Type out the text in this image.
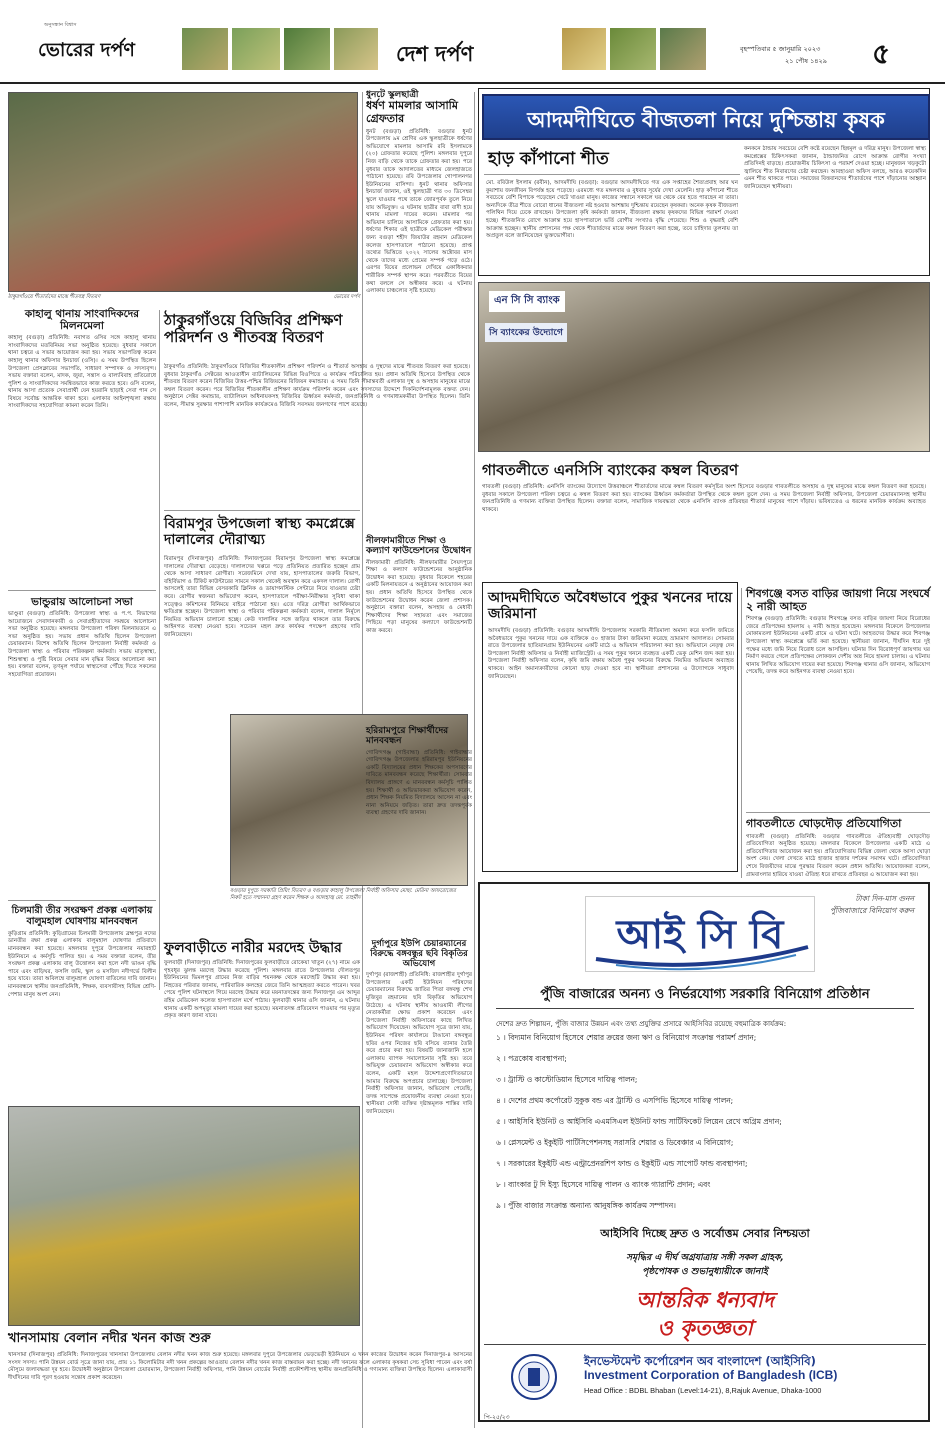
অনুসন্ধান বিশ্বাস
ভোরের দর্পণ	দেশ দর্পণ	বৃহস্পতিবার ৫ জানুয়ারি ২০২৩
২১ পৌষ ১৪২৯ ৫
ঠাকুরগাঁওয়ে শীতার্তদের মাঝে শীতবস্ত্র বিতরণ	ভোরের দর্পণ
ধুনটে স্কুলছাত্রী
ধর্ষণ মামলার আসামি গ্রেফতার
ধুনট (বগুড়া) প্রতিনিধি: বগুড়ার ধুনট উপজেলায় ৯ম শ্রেণির এক স্কুলছাত্রীকে ধর্ষণের অভিযোগে মামলার আসামি রবি ইসলামকে (২০) গ্রেফতার করেছে পুলিশ। মঙ্গলবার দুপুরে নিজ বাড়ি থেকে তাকে গ্রেফতার করা হয়। পরে বুধবার তাকে আদালতের মাধ্যমে জেলহাজতে পাঠানো হয়েছে। রবি উপজেলার গোপালনগর ইউনিয়নের বাসিন্দা। ধুনট থানার অফিসার ইনচার্জ জানান, ওই স্কুলছাত্রী গত ৩০ ডিসেম্বর স্কুলে যাওয়ার পথে তাকে জোরপূর্বক তুলে নিয়ে যায় অভিযুক্ত। এ ঘটনায় ছাত্রীর বাবা বাদী হয়ে থানায় মামলা দায়ের করেন। মামলার পর অভিযান চালিয়ে আসামিকে গ্রেফতার করা হয়। ধর্ষণের শিকার ওই ছাত্রীকে মেডিকেল পরীক্ষার জন্য বগুড়া শহীদ জিয়াউর রহমান মেডিকেল কলেজ হাসপাতালে পাঠানো হয়েছে। প্রাপ্ত তথ্যের ভিত্তিতে ২০২২ সালের অক্টোবর মাস থেকে তাদের মধ্যে প্রেমের সম্পর্ক গড়ে ওঠে। এরপর বিয়ের প্রলোভন দেখিয়ে একাধিকবার শারীরিক সম্পর্ক স্থাপন করে। পরবর্তীতে বিয়ের কথা বললে সে অস্বীকার করে। এ ঘটনায় এলাকায় চাঞ্চল্যের সৃষ্টি হয়েছে।
কাহালু থানায় সাংবাদিকদের মিলনমেলা
কাহালু (বগুড়া) প্রতিনিধি: নবাগত ওসির সঙ্গে কাহালু থানায় সাংবাদিকদের মতবিনিময় সভা অনুষ্ঠিত হয়েছে। বুধবার সকালে থানা চত্বরে এ সভার আয়োজন করা হয়। সভায় সভাপতিত্ব করেন কাহালু থানার অফিসার ইনচার্জ (ওসি)। এ সময় উপস্থিত ছিলেন উপজেলা প্রেসক্লাবের সভাপতি, সাধারণ সম্পাদক ও সদস্যবৃন্দ। সভায় বক্তারা বলেন, মাদক, জুয়া, সন্ত্রাস ও বাল্যবিবাহ প্রতিরোধে পুলিশ ও সাংবাদিকদের সমন্বিতভাবে কাজ করতে হবে। ওসি বলেন, থানায় আসা প্রত্যেক সেবাপ্রার্থী যেন হয়রানি ছাড়াই সেবা পান সে বিষয়ে সর্বোচ্চ আন্তরিক থাকা হবে। এলাকার আইনশৃঙ্খলা রক্ষায় সাংবাদিকদের সহযোগিতা কামনা করেন তিনি।
ভান্ডুরায় আলোচনা সভা
ভাণ্ডুরা (বগুড়া) প্রতিনিধি: উপজেলা স্বাস্থ্য ও প.প. বিভাগের আয়োজনে সেবাদানকারী ও সেবাগ্রহীতাদের সমন্বয়ে আলোচনা সভা অনুষ্ঠিত হয়েছে। মঙ্গলবার উপজেলা পরিষদ মিলনায়তনে এ সভা অনুষ্ঠিত হয়। সভায় প্রধান অতিথি ছিলেন উপজেলা চেয়ারম্যান। বিশেষ অতিথি ছিলেন উপজেলা নির্বাহী কর্মকর্তা ও উপজেলা স্বাস্থ্য ও পরিবার পরিকল্পনা কর্মকর্তা। সভায় মাতৃস্বাস্থ্য, শিশুস্বাস্থ্য ও পুষ্টি বিষয়ে সেবার মান বৃদ্ধির বিষয়ে আলোচনা করা হয়। বক্তারা বলেন, তৃণমূল পর্যায়ে স্বাস্থ্যসেবা পৌঁছে দিতে সকলের সহযোগিতা প্রয়োজন।
চিলমারী তীর সংরক্ষণ প্রকল্প এলাকায় বালুমহাল ঘোষণায় মানববন্ধন
কুড়িগ্রাম প্রতিনিধি: কুড়িগ্রামের চিলমারী উপজেলায় ব্রহ্মপুত্র নদের ডানতীর রক্ষা প্রকল্প এলাকায় বালুমহাল ঘোষণার প্রতিবাদে মানববন্ধন করা হয়েছে। মঙ্গলবার দুপুরে উপজেলার নয়ারহাট ইউনিয়নে এ কর্মসূচি পালিত হয়। এ সময় বক্তারা বলেন, তীর সংরক্ষণ প্রকল্প এলাকায় বালু উত্তোলন করা হলে নদী ভাঙন বৃদ্ধি পাবে এবং বাড়িঘর, ফসলি জমি, স্কুল ও মসজিদ নদীগর্ভে বিলীন হয়ে যাবে। তারা অবিলম্বে বালুমহাল ঘোষণা বাতিলের দাবি জানান। মানববন্ধনে স্থানীয় জনপ্রতিনিধি, শিক্ষক, ব্যবসায়ীসহ বিভিন্ন শ্রেণি-পেশার মানুষ অংশ নেন।
ঠাকুরগাঁওয়ে বিজিবির প্রশিক্ষণ পরিদর্শন ও শীতবস্ত্র বিতরণ
ঠাকুরগাঁও প্রতিনিধি: ঠাকুরগাঁওয়ে বিজিবির শীতকালীন প্রশিক্ষণ পরিদর্শন ও শীতার্ত অসহায় ও দুস্থদের মাঝে শীতবস্ত্র বিতরণ করা হয়েছে। বুধবার ঠাকুরগাঁও সেক্টরের আওতাধীন ব্যাটালিয়নের বিভিন্ন বিওপিতে এ কার্যক্রম পরিচালিত হয়। প্রধান অতিথি হিসেবে উপস্থিত থেকে শীতবস্ত্র বিতরণ করেন বিজিবির উত্তর-পশ্চিম রিজিয়নের রিজিয়ন কমান্ডার। এ সময় তিনি সীমান্তবর্তী এলাকার দুস্থ ও অসহায় মানুষের মাঝে কম্বল বিতরণ করেন। পরে বিজিবির শীতকালীন প্রশিক্ষণ কার্যক্রম পরিদর্শন করেন এবং সদস্যদের উদ্দেশে দিকনির্দেশনামূলক বক্তব্য দেন। অনুষ্ঠানে সেক্টর কমান্ডার, ব্যাটালিয়ন অধিনায়কসহ বিজিবির ঊর্ধ্বতন কর্মকর্তা, জনপ্রতিনিধি ও গণমাধ্যমকর্মীরা উপস্থিত ছিলেন। তিনি বলেন, সীমান্ত সুরক্ষার পাশাপাশি মানবিক কার্যক্রমেও বিজিবি সবসময় জনগণের পাশে রয়েছে।
বিরামপুর উপজেলা স্বাস্থ্য কমপ্লেক্সে দালালের দৌরাত্ম্য
বিরামপুর (দিনাজপুর) প্রতিনিধি: দিনাজপুরের বিরামপুর উপজেলা স্বাস্থ্য কমপ্লেক্সে দালালের দৌরাত্ম্য বেড়েছে। দালালদের খপ্পরে পড়ে প্রতিনিয়ত প্রতারিত হচ্ছেন গ্রাম থেকে আসা সাধারণ রোগীরা। সরেজমিনে দেখা যায়, হাসপাতালের জরুরি বিভাগ, বহির্বিভাগ ও টিকিট কাউন্টারের সামনে সকাল থেকেই অবস্থান করে একদল দালাল। রোগী আসলেই তারা বিভিন্ন বেসরকারি ক্লিনিক ও ডায়াগনস্টিক সেন্টারে নিয়ে যাওয়ার চেষ্টা করে। রোগীর স্বজনরা অভিযোগ করেন, হাসপাতালে পরীক্ষা-নিরীক্ষার সুবিধা থাকা সত্ত্বেও কমিশনের বিনিময়ে বাইরে পাঠানো হয়। এতে দরিদ্র রোগীরা আর্থিকভাবে ক্ষতিগ্রস্ত হচ্ছেন। উপজেলা স্বাস্থ্য ও পরিবার পরিকল্পনা কর্মকর্তা বলেন, দালাল নির্মূলে নিয়মিত অভিযান চালানো হচ্ছে। কেউ দালালির সঙ্গে জড়িত থাকলে তার বিরুদ্ধে আইনগত ব্যবস্থা নেওয়া হবে। সচেতন মহল দ্রুত কার্যকর পদক্ষেপ গ্রহণের দাবি জানিয়েছেন।
বগুড়ার দুপুচে সরকারি প্রিয়িং বিতরণ ও বগুড়ার কাহালু উপজেলা নির্বাহী অফিসার মোছা. মেরিনা আফরোজের নিকট হতে সম্মাননা গ্রহণ করেন শিক্ষক ও আলহাজ্ব মো. তাহমীদ
ফুলবাড়ীতে নারীর মরদেহ উদ্ধার
ফুলবাড়ী (দিনাজপুর) প্রতিনিধি: দিনাজপুরের ফুলবাড়ীতে রোকেয়া খাতুন (২৭) নামে এক গৃহবধূর ঝুলন্ত মরদেহ উদ্ধার করেছে পুলিশ। মঙ্গলবার রাতে উপজেলার দৌলতপুর ইউনিয়নের ভিমলপুর গ্রামের নিজ বাড়ির শয়নকক্ষ থেকে মরদেহটি উদ্ধার করা হয়। নিহতের পরিবার জানায়, পারিবারিক কলহের জেরে তিনি আত্মহত্যা করতে পারেন। খবর পেয়ে পুলিশ ঘটনাস্থলে গিয়ে মরদেহ উদ্ধার করে ময়নাতদন্তের জন্য দিনাজপুর এম আব্দুর রহিম মেডিকেল কলেজ হাসপাতাল মর্গে পাঠায়। ফুলবাড়ী থানার ওসি জানান, এ ঘটনায় থানায় একটি অপমৃত্যু মামলা দায়ের করা হয়েছে। ময়নাতদন্ত প্রতিবেদন পাওয়ার পর মৃত্যুর প্রকৃত কারণ জানা যাবে।
দুর্গাপুরে ইউপি চেয়ারম্যানের বিরুদ্ধে বঙ্গবন্ধুর ছবি বিকৃতির অভিযোগ
দুর্গাপুর (রাজশাহী) প্রতিনিধি: রাজশাহীর দুর্গাপুর উপজেলার একটি ইউনিয়ন পরিষদের চেয়ারম্যানের বিরুদ্ধে জাতির পিতা বঙ্গবন্ধু শেখ মুজিবুর রহমানের ছবি বিকৃতির অভিযোগ উঠেছে। এ ঘটনায় স্থানীয় আওয়ামী লীগের নেতাকর্মীরা ক্ষোভ প্রকাশ করেছেন এবং উপজেলা নির্বাহী অফিসারের কাছে লিখিত অভিযোগ দিয়েছেন। অভিযোগ সূত্রে জানা যায়, ইউনিয়ন পরিষদ কার্যালয়ে টাঙানো বঙ্গবন্ধুর ছবির ওপর নিজের ছবি বসিয়ে ব্যানার তৈরি করে প্রচার করা হয়। বিষয়টি জানাজানি হলে এলাকায় ব্যাপক সমালোচনার সৃষ্টি হয়। তবে অভিযুক্ত চেয়ারম্যান অভিযোগ অস্বীকার করে বলেন, একটি মহল উদ্দেশ্যপ্রণোদিতভাবে আমার বিরুদ্ধে অপপ্রচার চালাচ্ছে। উপজেলা নির্বাহী অফিসার জানান, অভিযোগ পেয়েছি, তদন্ত সাপেক্ষে প্রয়োজনীয় ব্যবস্থা নেওয়া হবে। স্থানীয়রা দোষী ব্যক্তির দৃষ্টান্তমূলক শাস্তির দাবি জানিয়েছেন।
খানসামায় বেলান নদীর খনন কাজ শুরু
খানসামা (দিনাজপুর) প্রতিনিধি: দিনাজপুরের খানসামা উপজেলায় বেলান নদীর খনন কাজ শুরু হয়েছে। মঙ্গলবার দুপুরে উপজেলার ভেড়ভেড়ী ইউনিয়নে এ খনন কাজের উদ্বোধন করেন দিনাজপুর-৪ আসনের সংসদ সদস্য। পানি উন্নয়ন বোর্ড সূত্রে জানা যায়, প্রায় ১১ কিলোমিটার নদী খনন প্রকল্পের আওতায় বেলান নদীর খনন কাজ বাস্তবায়ন করা হচ্ছে। নদী খননের ফলে এলাকার কৃষকরা সেচ সুবিধা পাবেন এবং বর্ষা মৌসুমে জলাবদ্ধতা দূর হবে। উদ্বোধনী অনুষ্ঠানে উপজেলা চেয়ারম্যান, উপজেলা নির্বাহী অফিসার, পানি উন্নয়ন বোর্ডের নির্বাহী প্রকৌশলীসহ স্থানীয় জনপ্রতিনিধি ও গণ্যমান্য ব্যক্তিরা উপস্থিত ছিলেন। এলাকাবাসী দীর্ঘদিনের দাবি পূরণ হওয়ায় সন্তোষ প্রকাশ করেছেন।
আদমদীঘিতে বীজতলা নিয়ে দুশ্চিন্তায় কৃষক
হাড় কাঁপানো শীত
মো. রবিউল ইসলাম (রবীন), আদমদীঘি (বগুড়া): বগুড়ার আদমদীঘিতে গত এক সপ্তাহের শৈত্যপ্রবাহ আর ঘন কুয়াশায় জনজীবন বিপর্যস্ত হয়ে পড়েছে। এরমধ্যে গত মঙ্গলবার ও বুধবার সূর্যের দেখা মেলেনি। হাড় কাঁপানো শীতে সবচেয়ে বেশি বিপাকে পড়েছেন খেটে খাওয়া মানুষ। কাজের সন্ধানে সকালে ঘর থেকে বের হতে পারছেন না তারা। অন্যদিকে তীব্র শীতে বোরো ধানের বীজতলা নষ্ট হওয়ার আশঙ্কায় দুশ্চিন্তায় রয়েছেন কৃষকরা। অনেক কৃষক বীজতলা পলিথিন দিয়ে ঢেকে রাখছেন। উপজেলা কৃষি কর্মকর্তা জানান, বীজতলা রক্ষায় কৃষকদের বিভিন্ন পরামর্শ দেওয়া হচ্ছে। শীতজনিত রোগে আক্রান্ত হয়ে হাসপাতালে ভর্তি রোগীর সংখ্যাও বৃদ্ধি পেয়েছে। শিশু ও বৃদ্ধরাই বেশি আক্রান্ত হচ্ছেন। স্থানীয় প্রশাসনের পক্ষ থেকে শীতার্তদের মাঝে কম্বল বিতরণ করা হচ্ছে, তবে চাহিদার তুলনায় তা অপ্রতুল বলে জানিয়েছেন ভুক্তভোগীরা।
কনকনে ঠান্ডায় সবচেয়ে বেশি কষ্টে রয়েছেন ছিন্নমূল ও দরিদ্র মানুষ। উপজেলা স্বাস্থ্য কমপ্লেক্সের চিকিৎসকরা জানান, ঠান্ডাজনিত রোগে আক্রান্ত রোগীর সংখ্যা প্রতিদিনই বাড়ছে। প্রয়োজনীয় চিকিৎসা ও পরামর্শ দেওয়া হচ্ছে। মানুষজন খড়কুটো জ্বালিয়ে শীত নিবারণের চেষ্টা করছেন। আবহাওয়া অফিস বলছে, আরও কয়েকদিন এমন শীত থাকতে পারে। সমাজের বিত্তবানদের শীতার্তদের পাশে দাঁড়ানোর আহ্বান জানিয়েছেন স্থানীয়রা।
নীলফামারীতে শিক্ষা ও কল্যাণ ফাউন্ডেশনের উদ্বোধন
নীলফামারী প্রতিনিধি: নীলফামারীর সৈয়দপুরে শিক্ষা ও কল্যাণ ফাউন্ডেশনের আনুষ্ঠানিক উদ্বোধন করা হয়েছে। বুধবার বিকেলে শহরের একটি মিলনায়তনে এ অনুষ্ঠানের আয়োজন করা হয়। প্রধান অতিথি হিসেবে উপস্থিত থেকে ফাউন্ডেশনের উদ্বোধন করেন জেলা প্রশাসক। অনুষ্ঠানে বক্তারা বলেন, অসহায় ও মেধাবী শিক্ষার্থীদের শিক্ষা সহায়তা এবং সমাজের পিছিয়ে পড়া মানুষের কল্যাণে ফাউন্ডেশনটি কাজ করবে।
হরিরামপুরে শিক্ষার্থীদের মানববন্ধন
গোবিন্দগঞ্জ (গাইবান্ধা) প্রতিনিধি: গাইবান্ধার গোবিন্দগঞ্জ উপজেলার হরিরামপুর ইউনিয়নের একটি বিদ্যালয়ের প্রধান শিক্ষকের অপসারণের দাবিতে মানববন্ধন করেছে শিক্ষার্থীরা। সোমবার বিদ্যালয় প্রাঙ্গণে এ মানববন্ধন কর্মসূচি পালিত হয়। শিক্ষার্থী ও অভিভাবকরা অভিযোগ করেন, প্রধান শিক্ষক নিয়মিত বিদ্যালয়ে আসেন না এবং নানা অনিয়মে জড়িত। তারা দ্রুত তদন্তপূর্বক ব্যবস্থা গ্রহণের দাবি জানান।
এন সি সি ব্যাংক
সি ব্যাংকের উদ্যোগে
গাবতলীতে এনসিসি ব্যাংকের কম্বল বিতরণ
গাবতলী (বগুড়া) প্রতিনিধি: এনসিসি ব্যাংকের উদ্যোগে উত্তরাঞ্চলে শীতার্তদের মাঝে কম্বল বিতরণ কর্মসূচির অংশ হিসেবে বগুড়ার গাবতলীতে অসহায় ও দুস্থ মানুষের মাঝে কম্বল বিতরণ করা হয়েছে। বুধবার সকালে উপজেলা পরিষদ চত্বরে এ কম্বল বিতরণ করা হয়। ব্যাংকের ঊর্ধ্বতন কর্মকর্তারা উপস্থিত থেকে কম্বল তুলে দেন। এ সময় উপজেলা নির্বাহী অফিসার, উপজেলা চেয়ারম্যানসহ স্থানীয় জনপ্রতিনিধি ও গণমান্য ব্যক্তিরা উপস্থিত ছিলেন। বক্তারা বলেন, সামাজিক দায়বদ্ধতা থেকে এনসিসি ব্যাংক প্রতিবছর শীতার্ত মানুষের পাশে দাঁড়ায়। ভবিষ্যতেও এ ধরনের মানবিক কার্যক্রম অব্যাহত থাকবে।
শিবগঞ্জে বসত বাড়ির জায়গা নিয়ে সংঘর্ষে ২ নারী আহত
শিবগঞ্জ (বগুড়া) প্রতিনিধি: বগুড়ার শিবগঞ্জে বসত বাড়ির জায়গা নিয়ে বিরোধের জেরে প্রতিপক্ষের হামলায় ২ নারী আহত হয়েছেন। মঙ্গলবার বিকেলে উপজেলার মোকামতলা ইউনিয়নের একটি গ্রামে এ ঘটনা ঘটে। আহতদের উদ্ধার করে শিবগঞ্জ উপজেলা স্বাস্থ্য কমপ্লেক্সে ভর্তি করা হয়েছে। স্থানীয়রা জানান, দীর্ঘদিন ধরে দুই পক্ষের মধ্যে জমি নিয়ে বিরোধ চলে আসছিল। ঘটনার দিন বিরোধপূর্ণ জায়গায় ঘর নির্মাণ করতে গেলে প্রতিপক্ষের লোকজন দেশীয় অস্ত্র নিয়ে হামলা চালায়। এ ঘটনায় থানায় লিখিত অভিযোগ দায়ের করা হয়েছে। শিবগঞ্জ থানার ওসি জানান, অভিযোগ পেয়েছি, তদন্ত করে আইনগত ব্যবস্থা নেওয়া হবে।
গাবতলীতে ঘোড়দৌড় প্রতিযোগিতা
গাবতলী (বগুড়া) প্রতিনিধি: বগুড়ার গাবতলীতে ঐতিহ্যবাহী ঘোড়দৌড় প্রতিযোগিতা অনুষ্ঠিত হয়েছে। মঙ্গলবার বিকেলে উপজেলার একটি মাঠে এ প্রতিযোগিতার আয়োজন করা হয়। প্রতিযোগিতায় বিভিন্ন জেলা থেকে আসা ঘোড়া অংশ নেয়। খেলা দেখতে মাঠে হাজার হাজার দর্শকের সমাগম ঘটে। প্রতিযোগিতা শেষে বিজয়ীদের মাঝে পুরস্কার বিতরণ করেন প্রধান অতিথি। আয়োজকরা বলেন, গ্রামবাংলার হারিয়ে যাওয়া ঐতিহ্য ধরে রাখতে প্রতিবছর এ আয়োজন করা হয়।
আদমদীঘিতে অবৈধভাবে পুকুর খননের দায়ে জরিমানা
আদমদীঘি (বগুড়া) প্রতিনিধি: বগুড়ার আদমদীঘি উপজেলায় সরকারি নীতিমালা অমান্য করে ফসলি জমিতে অবৈধভাবে পুকুর খননের দায়ে এক ব্যক্তিকে ৫০ হাজার টাকা জরিমানা করেছে ভ্রাম্যমাণ আদালত। সোমবার রাতে উপজেলার ছাতিয়ানগ্রাম ইউনিয়নের একটি মাঠে এ অভিযান পরিচালনা করা হয়। অভিযানে নেতৃত্ব দেন উপজেলা নির্বাহী অফিসার ও নির্বাহী ম্যাজিস্ট্রেট। এ সময় পুকুর খননে ব্যবহৃত একটি ভেকু মেশিন জব্দ করা হয়। উপজেলা নির্বাহী অফিসার বলেন, কৃষি জমি রক্ষায় অবৈধ পুকুর খননের বিরুদ্ধে নিয়মিত অভিযান অব্যাহত থাকবে। আইন অমান্যকারীদের কোনো ছাড় দেওয়া হবে না। স্থানীয়রা প্রশাসনের এ উদ্যোগকে সাধুবাদ জানিয়েছেন।
টাকা দিন-মাস গুনন
পুঁজিবাজারে বিনিয়োগ করুন
আই সি বি
পুঁজি বাজারের অনন্য ও নির্ভরযোগ্য সরকারি বিনিয়োগ প্রতিষ্ঠান
দেশের দ্রুত শিল্পায়ন, পুঁজি বাজার উন্নয়ন এবং তথ্য প্রযুক্তির প্রসারে আইসিবির রয়েছে বহুমাত্রিক কার্যক্রম:
১ । বিদ্যমান বিনিয়োগ হিসেবে শেয়ার ক্রয়ের জন্য ঋণ ও বিনিয়োগ সংক্রান্ত পরামর্শ প্রদান;
২ । পত্রকোষ ব্যবস্থাপনা;
৩ । ট্রাস্টি ও কাস্টোডিয়ান হিসেবে দায়িত্ব পালন;
৪ । দেশের প্রথম কর্পোরেট সুকুক বন্ড এর ট্রাস্টি ও এসপিভি হিসেবে দায়িত্ব পালন;
৫ । আইসিবি ইউনিট ও আইসিবি এএমসিএল ইউনিট ফান্ড সার্টিফিকেট লিয়েন রেখে অগ্রিম প্রদান;
৬ । প্লেসমেন্ট ও ইকুইটি পার্টিসিপেশনসহ সরাসরি শেয়ার ও ডিবেঞ্চার এ বিনিয়োগ;
৭ । সরকারের ইকুইটি এন্ড এন্ট্রাপ্রেনরশিপ ফান্ড ও ইকুইটি এন্ড সাপোর্ট ফান্ড ব্যবস্থাপনা;
৮ । ব্যাংকার টু দি ইস্যু হিসেবে দায়িত্ব পালন ও ব্যাংক গ্যারান্টি প্রদান; এবং
৯ । পুঁজি বাজার সংক্রান্ত অন্যান্য আনুষঙ্গিক কার্যক্রম সম্পাদন।
আইসিবি দিচ্ছে দ্রুত ও সর্বোত্তম সেবার নিশ্চয়তা
সমৃদ্ধির এ দীর্ঘ অগ্রযাত্রায় সঙ্গী সকল গ্রাহক,
পৃষ্ঠপোষক ও শুভানুধ্যায়ীকে জানাই
আন্তরিক ধন্যবাদ
ও কৃতজ্ঞতা
ইনভেস্টমেন্ট কর্পোরেশন অব বাংলাদেশ (আইসিবি)
Investment Corporation of Bangladesh (ICB)
Head Office : BDBL Bhaban (Level:14-21), 8,Rajuk Avenue, Dhaka-1000
পি-২৫/২৩
